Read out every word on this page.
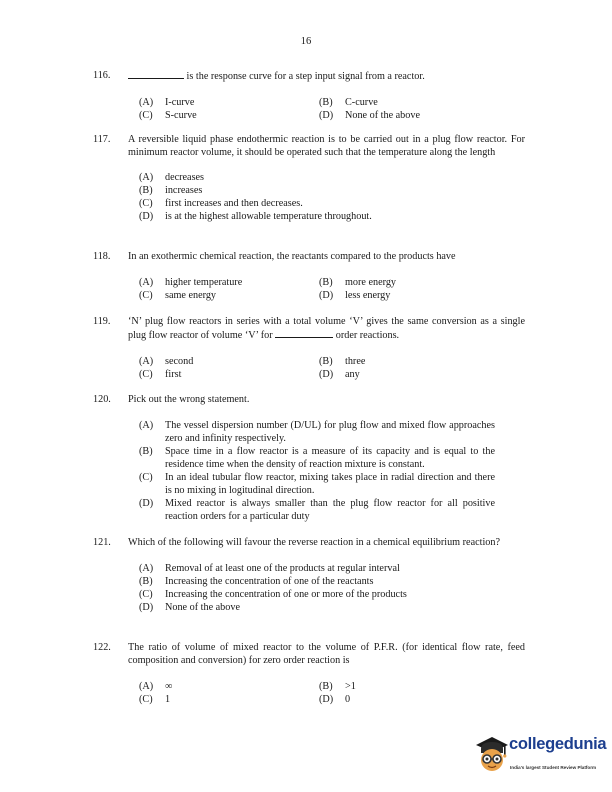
16
116.	is the response curve for a step input signal from a reactor.
(A)	I-curve	(B)	C-curve
(C)	S-curve	(D)	None of the above
117. A reversible liquid phase endothermic reaction is to be carried out in a plug flow reactor. For minimum reactor volume, it should be operated such that the temperature along the length
(A)	decreases
(B)	increases
(C)	first increases and then decreases.
(D)	is at the highest allowable temperature throughout.
118. In an exothermic chemical reaction, the reactants compared to the products have
(A)	higher temperature	(B)	more energy
(C)	same energy	(D)	less energy
119. ‘N’ plug flow reactors in series with a total volume ‘V’ gives the same conversion as a single plug flow reactor of volume ‘V’ for	order reactions.
(A)	second	(B)	three
(C)	first	(D)	any
120. Pick out the wrong statement.
(A)	The vessel dispersion number (D/UL) for plug flow and mixed flow approaches zero and infinity respectively.
(B)	Space time in a flow reactor is a measure of its capacity and is equal to the residence time when the density of reaction mixture is constant.
(C)	In an ideal tubular flow reactor, mixing takes place in radial direction and there is no mixing in logitudinal direction.
(D)	Mixed reactor is always smaller than the plug flow reactor for all positive reaction orders for a particular duty
121. Which of the following will favour the reverse reaction in a chemical equilibrium reaction?
(A)	Removal of at least one of the products at regular interval
(B)	Increasing the concentration of one of the reactants
(C)	Increasing the concentration of one or more of the products
(D)	None of the above
122. The ratio of volume of mixed reactor to the volume of P.F.R. (for identical flow rate, feed composition and conversion) for zero order reaction is
(A)	∞	(B)	>1
(C)	1	(D)	0
collegedunia
India's largest Student Review Platform
